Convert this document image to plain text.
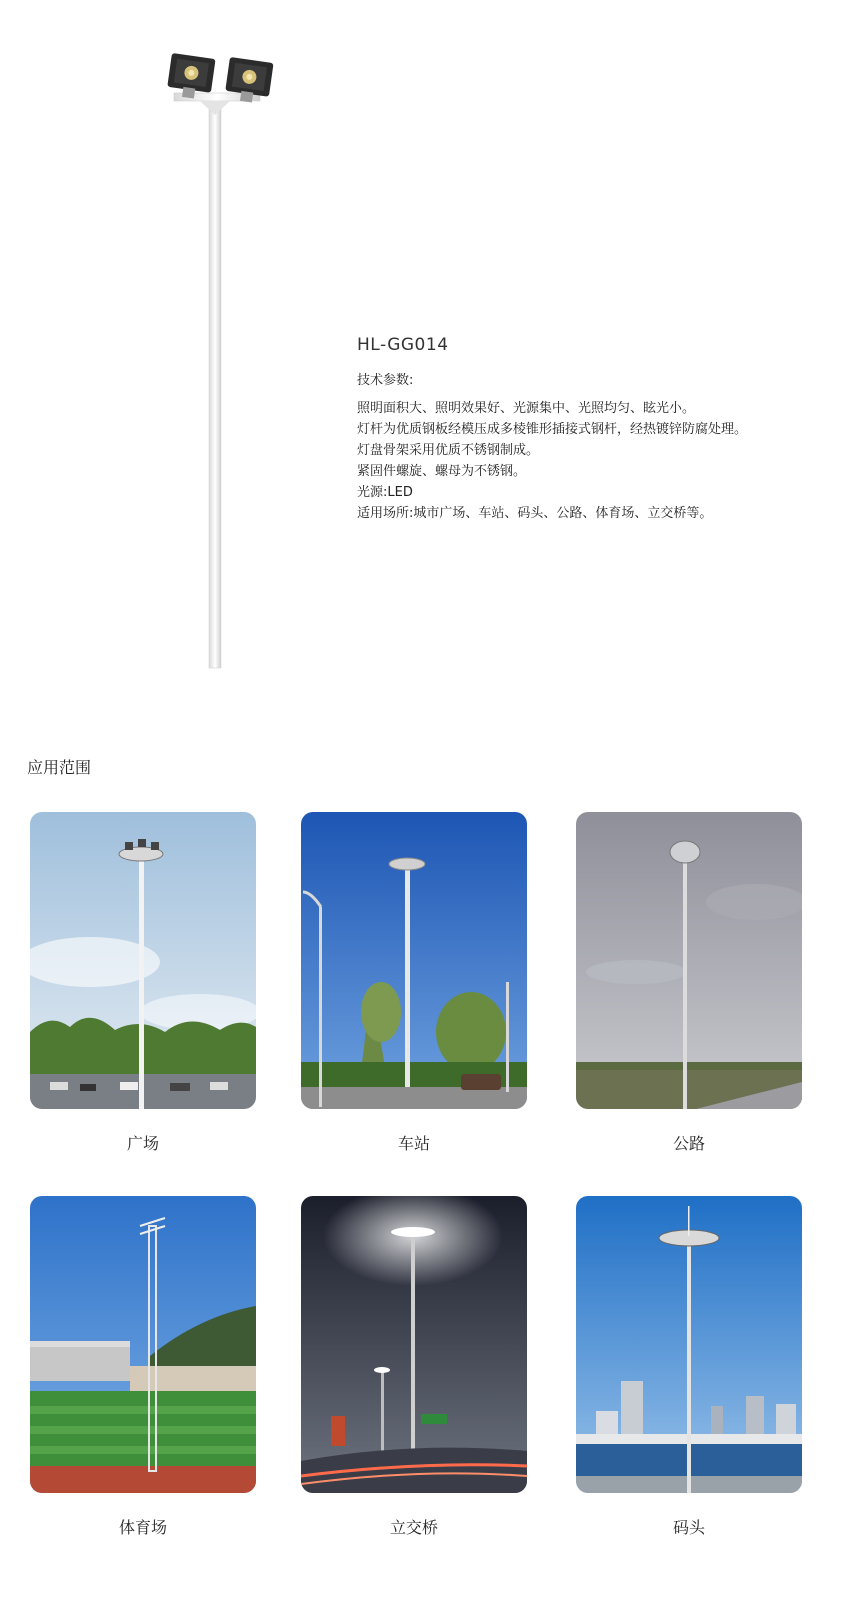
HL-GG014
技术参数:
照明面积大、照明效果好、光源集中、光照均匀、眩光小。
灯杆为优质钢板经模压成多棱锥形插接式钢杆，经热镀锌防腐处理。
灯盘骨架采用优质不锈钢制成。
紧固件螺旋、螺母为不锈钢。
光源:LED
适用场所:城市广场、车站、码头、公路、体育场、立交桥等。
应用范围
广场	车站	公路
体育场	立交桥	码头
